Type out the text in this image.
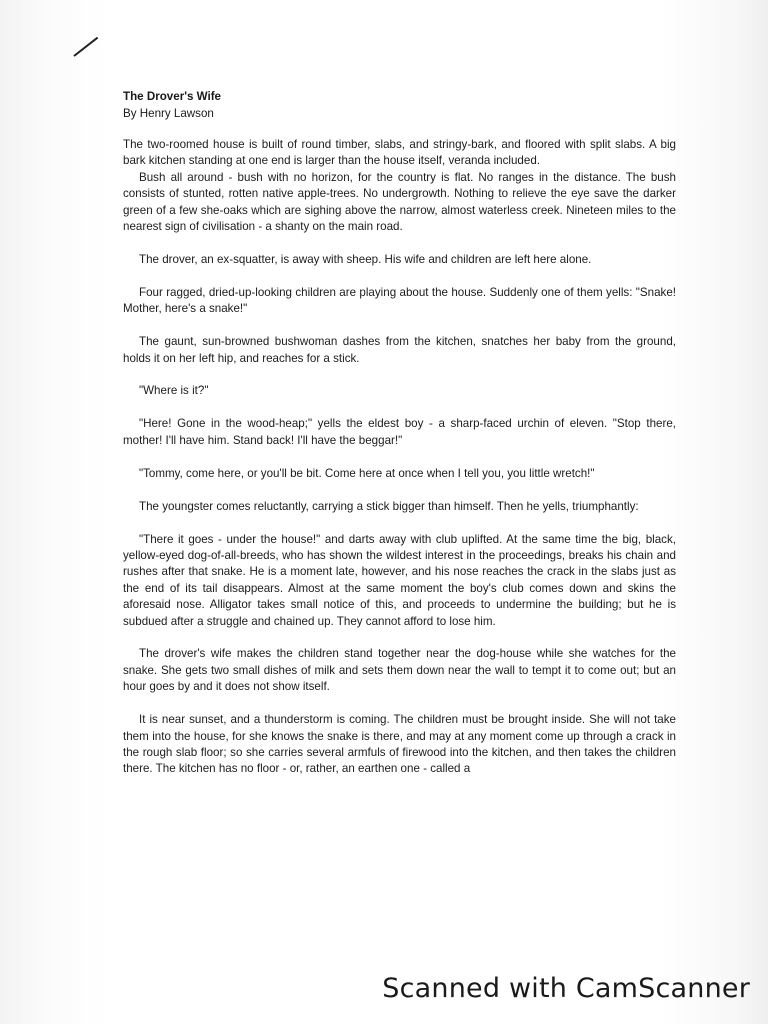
The Drover's Wife
By Henry Lawson

The two-roomed house is built of round timber, slabs, and stringy-bark, and floored with split slabs. A big bark kitchen standing at one end is larger than the house itself, veranda included.

Bush all around - bush with no horizon, for the country is flat. No ranges in the distance. The bush consists of stunted, rotten native apple-trees. No undergrowth. Nothing to relieve the eye save the darker green of a few she-oaks which are sighing above the narrow, almost waterless creek. Nineteen miles to the nearest sign of civilisation - a shanty on the main road.

The drover, an ex-squatter, is away with sheep. His wife and children are left here alone.

Four ragged, dried-up-looking children are playing about the house. Suddenly one of them yells: "Snake! Mother, here's a snake!"

The gaunt, sun-browned bushwoman dashes from the kitchen, snatches her baby from the ground, holds it on her left hip, and reaches for a stick.

"Where is it?"

"Here! Gone in the wood-heap;" yells the eldest boy - a sharp-faced urchin of eleven. "Stop there, mother! I'll have him. Stand back! I'll have the beggar!"

"Tommy, come here, or you'll be bit. Come here at once when I tell you, you little wretch!"

The youngster comes reluctantly, carrying a stick bigger than himself. Then he yells, triumphantly:

"There it goes - under the house!" and darts away with club uplifted. At the same time the big, black, yellow-eyed dog-of-all-breeds, who has shown the wildest interest in the proceedings, breaks his chain and rushes after that snake. He is a moment late, however, and his nose reaches the crack in the slabs just as the end of its tail disappears. Almost at the same moment the boy's club comes down and skins the aforesaid nose. Alligator takes small notice of this, and proceeds to undermine the building; but he is subdued after a struggle and chained up. They cannot afford to lose him.

The drover's wife makes the children stand together near the dog-house while she watches for the snake. She gets two small dishes of milk and sets them down near the wall to tempt it to come out; but an hour goes by and it does not show itself.

It is near sunset, and a thunderstorm is coming. The children must be brought inside. She will not take them into the house, for she knows the snake is there, and may at any moment come up through a crack in the rough slab floor; so she carries several armfuls of firewood into the kitchen, and then takes the children there. The kitchen has no floor - or, rather, an earthen one - called a

Scanned with CamScanner
